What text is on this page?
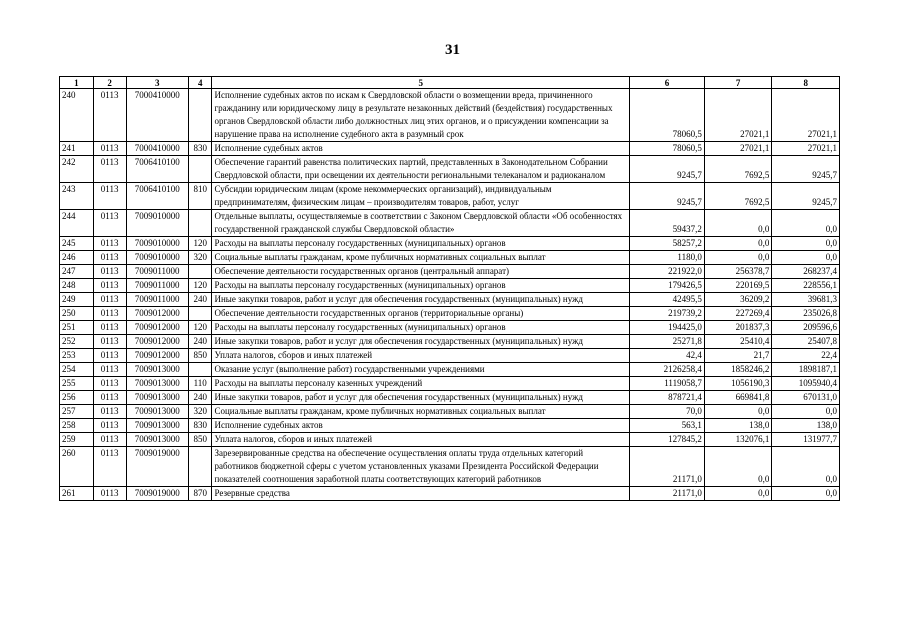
31
1	2	3	4	5	6	7	8
240	0113	7000410000		Исполнение судебных актов по искам к Свердловской области о возмещении вреда, причиненного гражданину или юридическому лицу в результате незаконных действий (бездействия) государственных органов Свердловской области либо должностных лиц этих органов, и о присуждении компенсации за нарушение права на исполнение судебного акта в разумный срок	78060,5	27021,1	27021,1
241	0113	7000410000	830	Исполнение судебных актов	78060,5	27021,1	27021,1
242	0113	7006410100		Обеспечение гарантий равенства политических партий, представленных в Законодательном Собрании Свердловской области, при освещении их деятельности региональными телеканалом и радиоканалом	9245,7	7692,5	9245,7
243	0113	7006410100	810	Субсидии юридическим лицам (кроме некоммерческих организаций), индивидуальным предпринимателям, физическим лицам – производителям товаров, работ, услуг	9245,7	7692,5	9245,7
244	0113	7009010000		Отдельные выплаты, осуществляемые в соответствии с Законом Свердловской области «Об особенностях государственной гражданской службы Свердловской области»	59437,2	0,0	0,0
245	0113	7009010000	120	Расходы на выплаты персоналу государственных (муниципальных) органов	58257,2	0,0	0,0
246	0113	7009010000	320	Социальные выплаты гражданам, кроме публичных нормативных социальных выплат	1180,0	0,0	0,0
247	0113	7009011000		Обеспечение деятельности государственных органов (центральный аппарат)	221922,0	256378,7	268237,4
248	0113	7009011000	120	Расходы на выплаты персоналу государственных (муниципальных) органов	179426,5	220169,5	228556,1
249	0113	7009011000	240	Иные закупки товаров, работ и услуг для обеспечения государственных (муниципальных) нужд	42495,5	36209,2	39681,3
250	0113	7009012000		Обеспечение деятельности государственных органов (территориальные органы)	219739,2	227269,4	235026,8
251	0113	7009012000	120	Расходы на выплаты персоналу государственных (муниципальных) органов	194425,0	201837,3	209596,6
252	0113	7009012000	240	Иные закупки товаров, работ и услуг для обеспечения государственных (муниципальных) нужд	25271,8	25410,4	25407,8
253	0113	7009012000	850	Уплата налогов, сборов и иных платежей	42,4	21,7	22,4
254	0113	7009013000		Оказание услуг (выполнение работ) государственными учреждениями	2126258,4	1858246,2	1898187,1
255	0113	7009013000	110	Расходы на выплаты персоналу казенных учреждений	1119058,7	1056190,3	1095940,4
256	0113	7009013000	240	Иные закупки товаров, работ и услуг для обеспечения государственных (муниципальных) нужд	878721,4	669841,8	670131,0
257	0113	7009013000	320	Социальные выплаты гражданам, кроме публичных нормативных социальных выплат	70,0	0,0	0,0
258	0113	7009013000	830	Исполнение судебных актов	563,1	138,0	138,0
259	0113	7009013000	850	Уплата налогов, сборов и иных платежей	127845,2	132076,1	131977,7
260	0113	7009019000		Зарезервированные средства на обеспечение осуществления оплаты труда отдельных категорий работников бюджетной сферы с учетом установленных указами Президента Российской Федерации показателей соотношения заработной платы соответствующих категорий работников	21171,0	0,0	0,0
261	0113	7009019000	870	Резервные средства	21171,0	0,0	0,0
